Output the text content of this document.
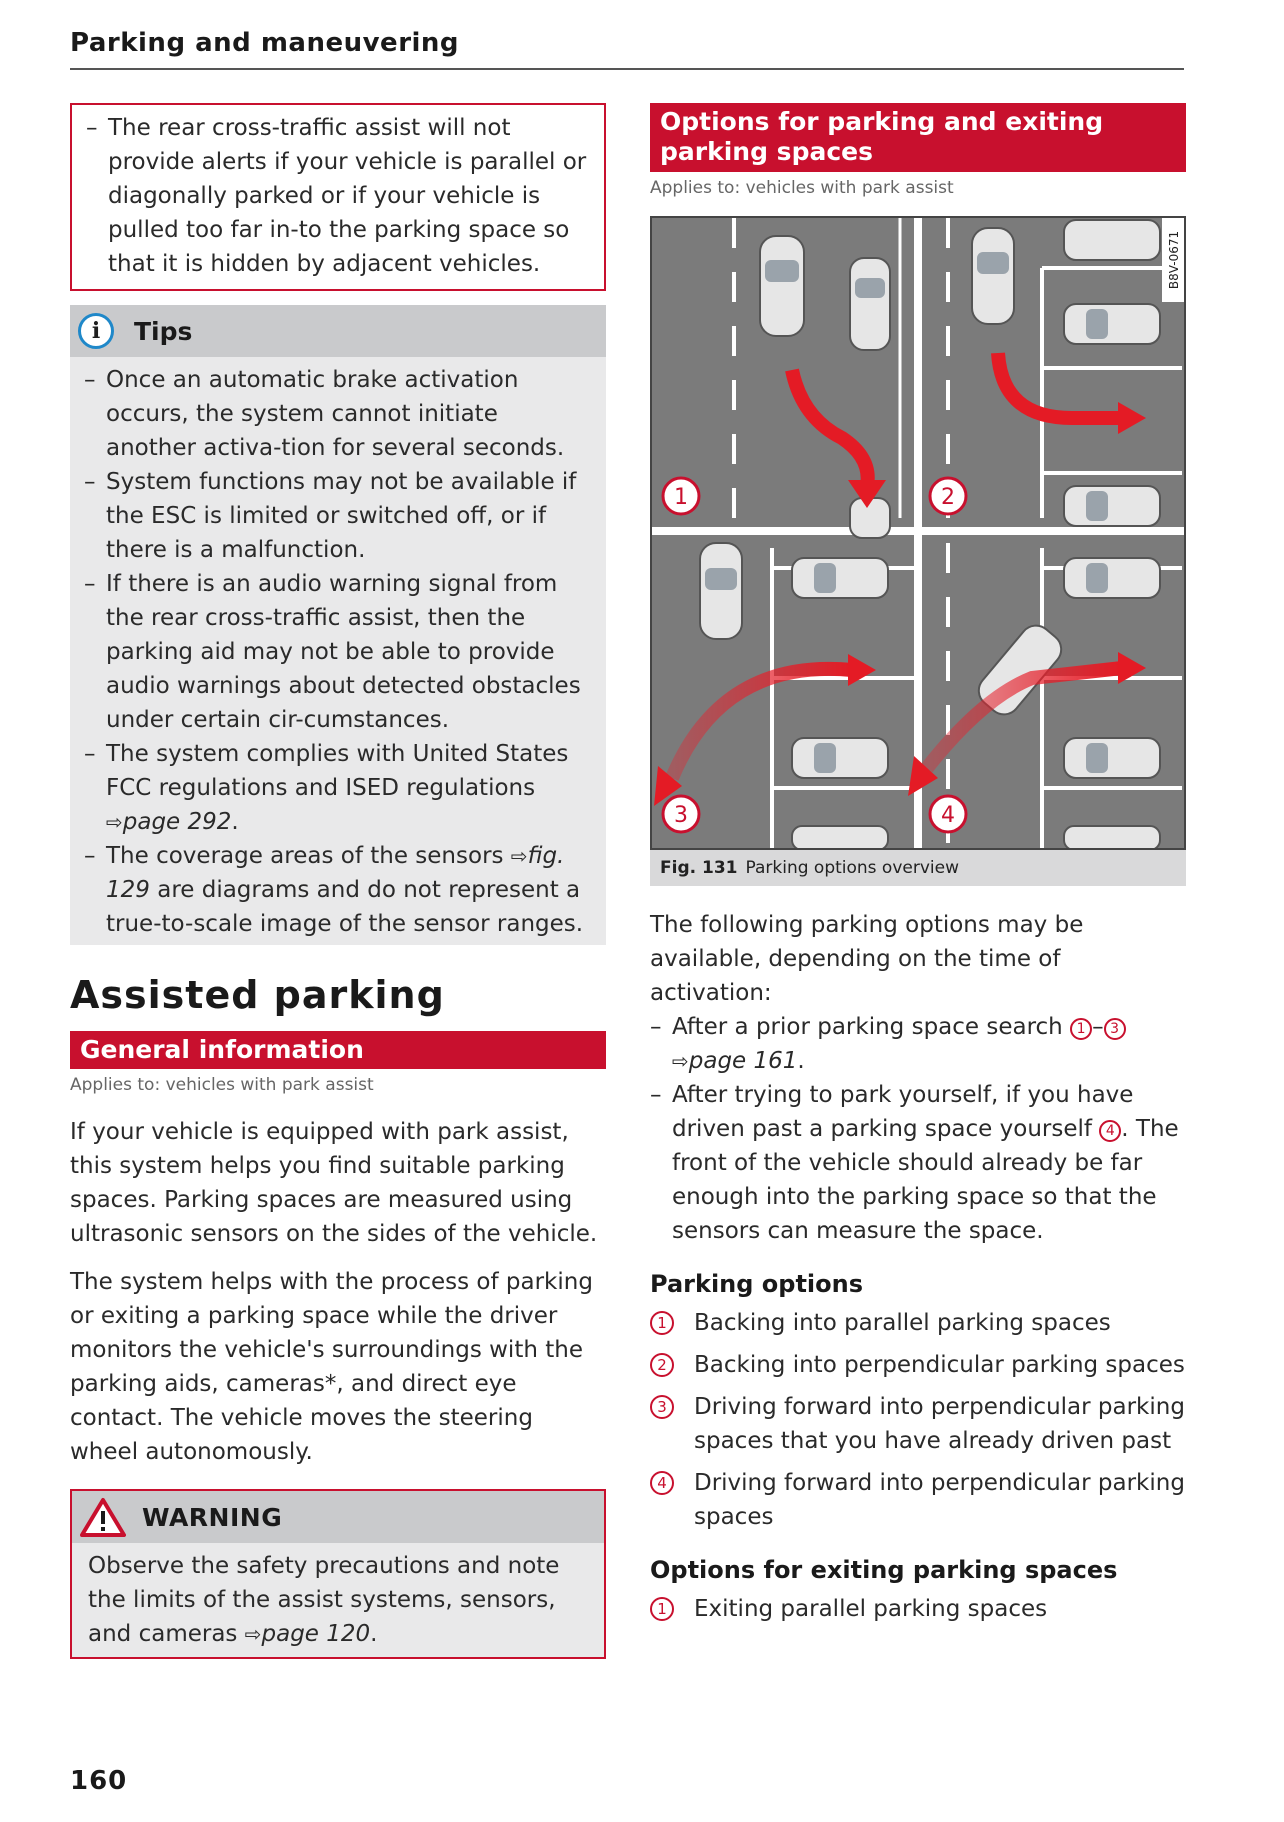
Parking and maneuvering
– The rear cross-traffic assist will not provide alerts if your vehicle is parallel or diagonally parked or if your vehicle is pulled too far in-to the parking space so that it is hidden by adjacent vehicles.
i	Tips
– Once an automatic brake activation occurs, the system cannot initiate another activa-tion for several seconds.
– System functions may not be available if the ESC is limited or switched off, or if there is a malfunction.
– If there is an audio warning signal from the rear cross-traffic assist, then the parking aid may not be able to provide audio warnings about detected obstacles under certain cir-cumstances.
– The system complies with United States FCC regulations and ISED regulations
⇨page 292.
– The coverage areas of the sensors ⇨fig. 129 are diagrams and do not represent a true-to-scale image of the sensor ranges.
Assisted parking
General information
Applies to: vehicles with park assist
If your vehicle is equipped with park assist, this system helps you find suitable parking spaces. Parking spaces are measured using ultrasonic sensors on the sides of the vehicle.
The system helps with the process of parking or exiting a parking space while the driver monitors the vehicle's surroundings with the parking aids, cameras*, and direct eye contact. The vehicle moves the steering wheel autonomously.
WARNING
Observe the safety precautions and note the limits of the assist systems, sensors, and cameras ⇨page 120.
Options for parking and exiting parking spaces
Applies to: vehicles with park assist
1	2
3	4
B8V-0671
Fig. 131 Parking options overview
The following parking options may be available, depending on the time of activation:
– After a prior parking space search 1 – 3
⇨page 161.
– After trying to park yourself, if you have driven past a parking space yourself 4 . The front of the vehicle should already be far enough into the parking space so that the sensors can measure the space.
Parking options
1	Backing into parallel parking spaces
2	Backing into perpendicular parking spaces
3	Driving forward into perpendicular parking spaces that you have already driven past
4	Driving forward into perpendicular parking spaces
Options for exiting parking spaces
1	Exiting parallel parking spaces
160
